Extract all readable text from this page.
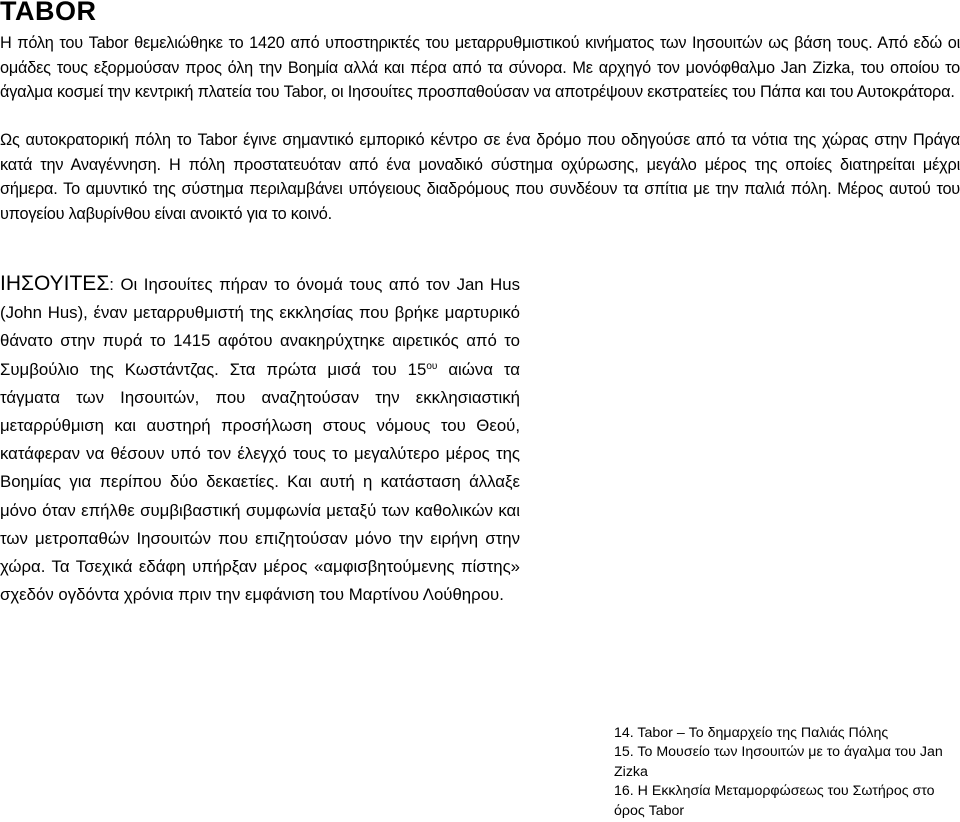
TABOR

Η πόλη του Tabor θεμελιώθηκε το 1420 από υποστηρικτές του μεταρρυθμιστικού κινήματος των Ιησουιτών ως βάση τους. Από εδώ οι ομάδες τους εξορμούσαν προς όλη την Βοημία αλλά και πέρα από τα σύνορα. Με αρχηγό τον μονόφθαλμο Jan Zizka, του οποίου το άγαλμα κοσμεί την κεντρική πλατεία του Tabor, οι Ιησουίτες προσπαθούσαν να αποτρέψουν εκστρατείες του Πάπα και του Αυτοκράτορα.

Ως αυτοκρατορική πόλη το Tabor έγινε σημαντικό εμπορικό κέντρο σε ένα δρόμο που οδηγούσε από τα νότια της χώρας στην Πράγα κατά την Αναγέννηση. Η πόλη προστατευόταν από ένα μοναδικό σύστημα οχύρωσης, μεγάλο μέρος της οποίες διατηρείται μέχρι σήμερα. Το αμυντικό της σύστημα περιλαμβάνει υπόγειους διαδρόμους που συνδέουν τα σπίτια με την παλιά πόλη. Μέρος αυτού του υπογείου λαβυρίνθου είναι ανοικτό για το κοινό.

ΙΗΣΟΥΙΤΕΣ: Οι Ιησουίτες πήραν το όνομά τους από τον Jan Hus (John Hus), έναν μεταρρυθμιστή της εκκλησίας που βρήκε μαρτυρικό θάνατο στην πυρά το 1415 αφότου ανακηρύχτηκε αιρετικός από το Συμβούλιο της Κωστάντζας. Στα πρώτα μισά του $15^{o\upsilon}$ αιώνα τα τάγματα των Ιησουιτών, που αναζητούσαν την εκκλησιαστική μεταρρύθμιση και αυστηρή προσήλωση στους νόμους του Θεού, κατάφεραν να θέσουν υπό τον έλεγχό τους το μεγαλύτερο μέρος της Βοημίας για περίπου δύο δεκαετίες. Και αυτή η κατάσταση άλλαξε μόνο όταν επήλθε συμβιβαστική συμφωνία μεταξύ των καθολικών και των μετροπαθών Ιησουιτών που επιζητούσαν μόνο την ειρήνη στην χώρα. Τα Τσεχικά εδάφη υπήρξαν μέρος «αμφισβητούμενης πίστης» σχεδόν ογδόντα χρόνια πριν την εμφάνιση του Μαρτίνου Λούθηρου.

14. Tabor – Το δημαρχείο της Παλιάς Πόλης
15. Το Μουσείο των Ιησουιτών με το άγαλμα του Jan Zizka
16. Η Εκκλησία Μεταμορφώσεως του Σωτήρος στο όρος Tabor
